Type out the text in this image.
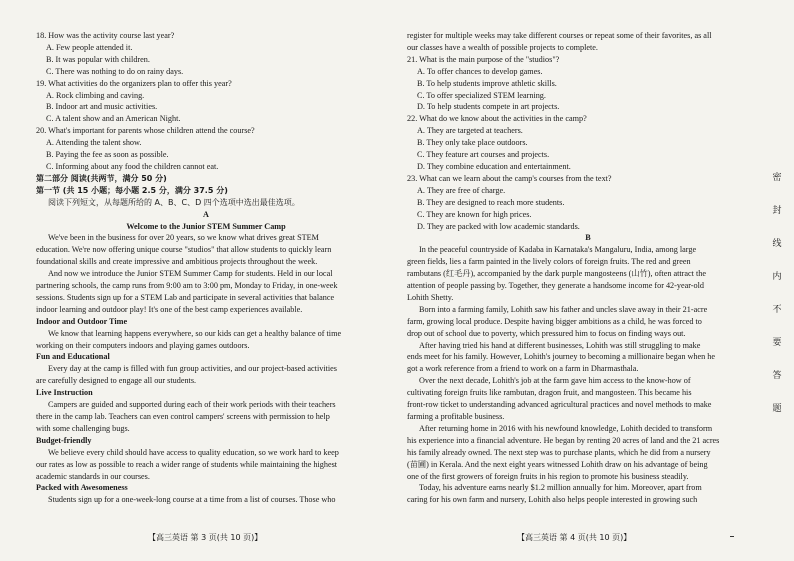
18. How was the activity course last year?
A. Few people attended it.
B. It was popular with children.
C. There was nothing to do on rainy days.
19. What activities do the organizers plan to offer this year?
A. Rock climbing and caving.
B. Indoor art and music activities.
C. A talent show and an American Night.
20. What's important for parents whose children attend the course?
A. Attending the talent show.
B. Paying the fee as soon as possible.
C. Informing about any food the children cannot eat.
第二部分 阅读(共两节，满分 50 分)
第一节 (共 15 小题；每小题 2.5 分，满分 37.5 分)
阅读下列短文，从每题所给的 A、B、C、D 四个选项中选出最佳选项。
A
Welcome to the Junior STEM Summer Camp
We've been in the business for over 20 years, so we know what drives great STEM
education. We're now offering unique course "studios" that allow students to quickly learn
foundational skills and create impressive and ambitious projects throughout the week.
And now we introduce the Junior STEM Summer Camp for students. Held in our local
partnering schools, the camp runs from 9:00 am to 3:00 pm, Monday to Friday, in one-week
sessions. Students sign up for a STEM Lab and participate in several activities that balance
indoor learning and outdoor play! It's one of the best camp experiences available.
Indoor and Outdoor Time
We know that learning happens everywhere, so our kids can get a healthy balance of time
working on their computers indoors and playing games outdoors.
Fun and Educational
Every day at the camp is filled with fun group activities, and our project-based activities
are carefully designed to engage all our students.
Live Instruction
Campers are guided and supported during each of their work periods with their teachers
there in the camp lab. Teachers can even control campers' screens with permission to help
with some challenging bugs.
Budget-friendly
We believe every child should have access to quality education, so we work hard to keep
our rates as low as possible to reach a wider range of students while maintaining the highest
academic standards in our courses.
Packed with Awesomeness
Students sign up for a one-week-long course at a time from a list of courses. Those who
【高三英语 第 3 页(共 10 页)】
register for multiple weeks may take different courses or repeat some of their favorites, as all
our classes have a wealth of possible projects to complete.
21. What is the main purpose of the "studios"?
A. To offer chances to develop games.
B. To help students improve athletic skills.
C. To offer specialized STEM learning.
D. To help students compete in art projects.
22. What do we know about the activities in the camp?
A. They are targeted at teachers.
B. They only take place outdoors.
C. They feature art courses and projects.
D. They combine education and entertainment.
23. What can we learn about the camp's courses from the text?
A. They are free of charge.
B. They are designed to reach more students.
C. They are known for high prices.
D. They are packed with low academic standards.
B
In the peaceful countryside of Kadaba in Karnataka's Mangaluru, India, among large
green fields, lies a farm painted in the lively colors of foreign fruits. The red and green
rambutans (红毛丹), accompanied by the dark purple mangosteens (山竹), often attract the
attention of people passing by. Together, they generate a handsome income for 42-year-old
Lohith Shetty.
Born into a farming family, Lohith saw his father and uncles slave away in their 21-acre
farm, growing local produce. Despite having bigger ambitions as a child, he was forced to
drop out of school due to poverty, which pressured him to focus on finding ways out.
After having tried his hand at different businesses, Lohith was still struggling to make
ends meet for his family. However, Lohith's journey to becoming a millionaire began when he
got a work reference from a friend to work on a farm in Dharmasthala.
Over the next decade, Lohith's job at the farm gave him access to the know-how of
cultivating foreign fruits like rambutan, dragon fruit, and mangosteen. This became his
front-row ticket to understanding advanced agricultural practices and novel methods to make
farming a profitable business.
After returning home in 2016 with his newfound knowledge, Lohith decided to transform
his experience into a financial adventure. He began by renting 20 acres of land and the 21 acres
his family already owned. The next step was to purchase plants, which he did from a nursery
(苗圃) in Kerala. And the next eight years witnessed Lohith draw on his advantage of being
one of the first growers of foreign fruits in his region to promote his business steadily.
Today, his adventure earns nearly $1.2 million annually for him. Moreover, apart from
caring for his own farm and nursery, Lohith also helps people interested in growing such
【高三英语 第 4 页(共 10 页)】
密
封
线
内
不
要
答
题
